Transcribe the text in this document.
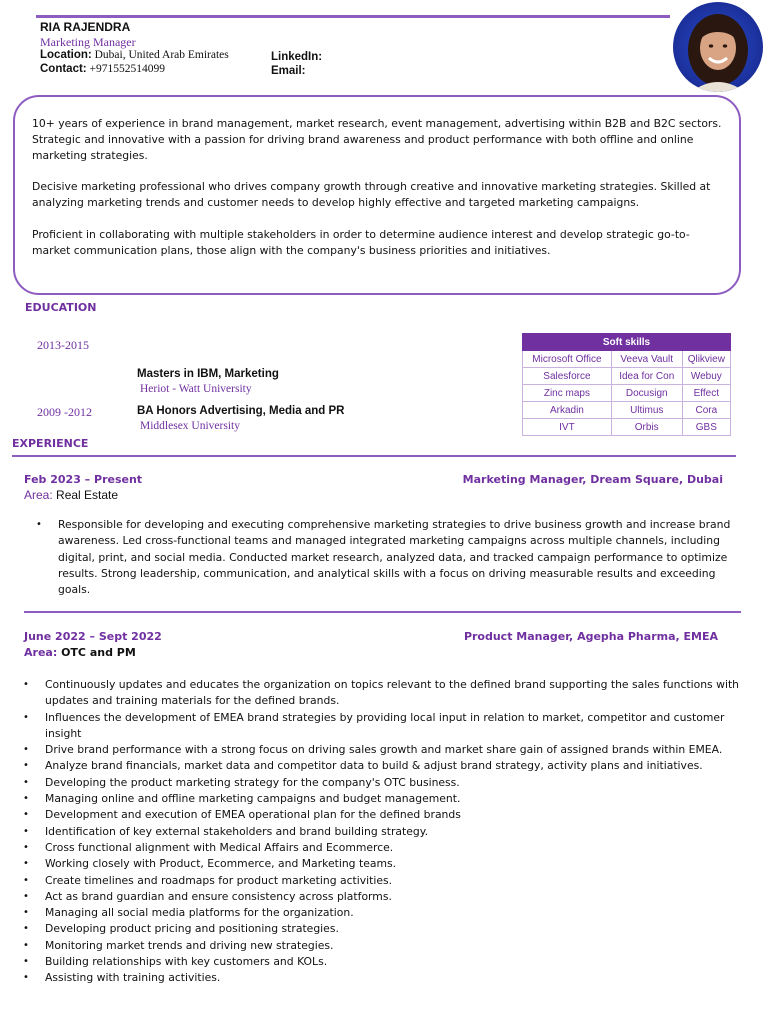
RIA RAJENDRA
Marketing Manager
Location: Dubai, United Arab Emirates
Contact: +971552514099
LinkedIn:
Email:
10+ years of experience in brand management, market research, event management, advertising within B2B and B2C sectors. Strategic and innovative with a passion for driving brand awareness and product performance with both offline and online marketing strategies.
Decisive marketing professional who drives company growth through creative and innovative marketing strategies. Skilled at analyzing marketing trends and customer needs to develop highly effective and targeted marketing campaigns.
Proficient in collaborating with multiple stakeholders in order to determine audience interest and develop strategic go-to-market communication plans, those align with the company's business priorities and initiatives.
EDUCATION
2013-2015
Masters in IBM, Marketing
Heriot - Watt University
2009 -2012	BA Honors Advertising, Media and PR
Middlesex University
Soft skills		
Microsoft Office	Veeva Vault	Qlikview
Salesforce	Idea for Con	Webuy
Zinc maps	Docusign	Effect
Arkadin	Ultimus	Cora
IVT	Orbis	GBS
EXPERIENCE
Feb 2023 – Present	Marketing Manager, Dream Square, Dubai
Area: Real Estate
• Responsible for developing and executing comprehensive marketing strategies to drive business growth and increase brand awareness. Led cross-functional teams and managed integrated marketing campaigns across multiple channels, including digital, print, and social media. Conducted market research, analyzed data, and tracked campaign performance to optimize results. Strong leadership, communication, and analytical skills with a focus on driving measurable results and exceeding goals.
June 2022 – Sept 2022	Product Manager, Agepha Pharma, EMEA
Area: OTC and PM
• Continuously updates and educates the organization on topics relevant to the defined brand supporting the sales functions with updates and training materials for the defined brands.
• Influences the development of EMEA brand strategies by providing local input in relation to market, competitor and customer insight
• Drive brand performance with a strong focus on driving sales growth and market share gain of assigned brands within EMEA.
• Analyze brand financials, market data and competitor data to build & adjust brand strategy, activity plans and initiatives.
• Developing the product marketing strategy for the company's OTC business.
• Managing online and offline marketing campaigns and budget management.
• Development and execution of EMEA operational plan for the defined brands
• Identification of key external stakeholders and brand building strategy.
• Cross functional alignment with Medical Affairs and Ecommerce.
• Working closely with Product, Ecommerce, and Marketing teams.
• Create timelines and roadmaps for product marketing activities.
• Act as brand guardian and ensure consistency across platforms.
• Managing all social media platforms for the organization.
• Developing product pricing and positioning strategies.
• Monitoring market trends and driving new strategies.
• Building relationships with key customers and KOLs.
• Assisting with training activities.
